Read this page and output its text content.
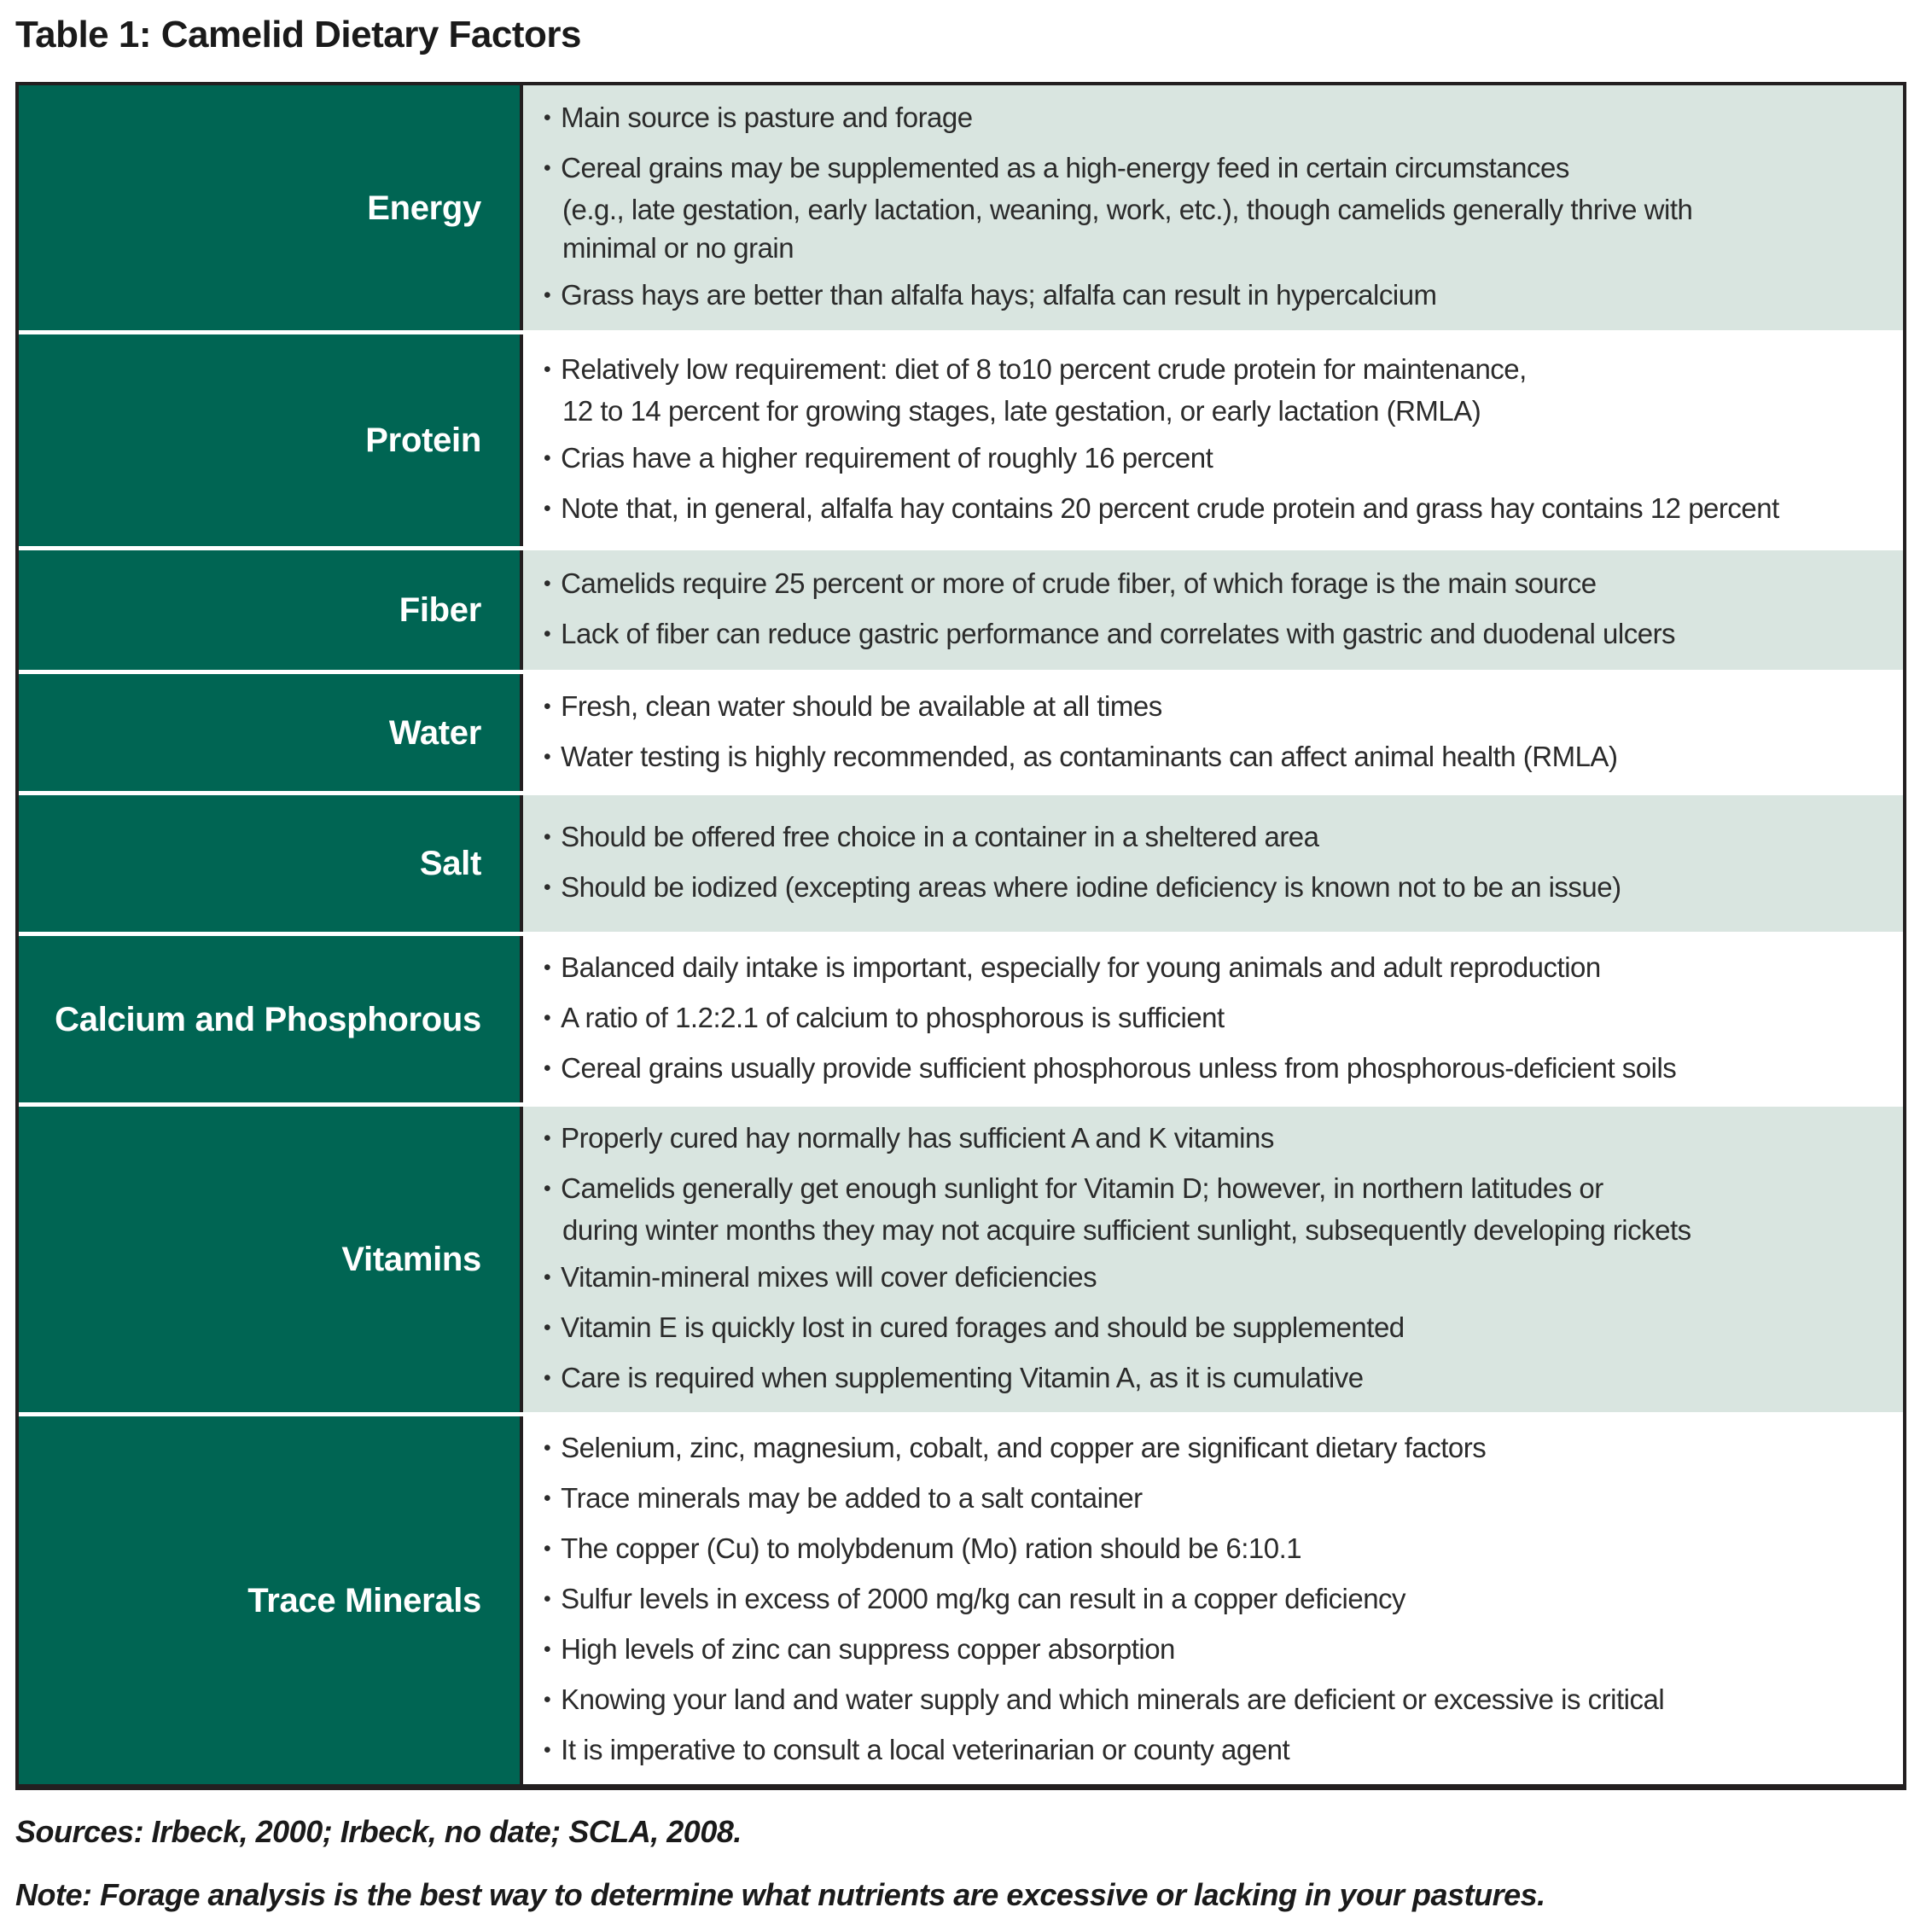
Table 1: Camelid Dietary Factors
Energy
• Main source is pasture and forage
• Cereal grains may be supplemented as a high-energy feed in certain circumstances
(e.g., late gestation, early lactation, weaning, work, etc.), though camelids generally thrive with
minimal or no grain
• Grass hays are better than alfalfa hays; alfalfa can result in hypercalcium
Protein
• Relatively low requirement: diet of 8 to10 percent crude protein for maintenance,
12 to 14 percent for growing stages, late gestation, or early lactation (RMLA)
• Crias have a higher requirement of roughly 16 percent
• Note that, in general, alfalfa hay contains 20 percent crude protein and grass hay contains 12 percent
Fiber
• Camelids require 25 percent or more of crude fiber, of which forage is the main source
• Lack of fiber can reduce gastric performance and correlates with gastric and duodenal ulcers
Water
• Fresh, clean water should be available at all times
• Water testing is highly recommended, as contaminants can affect animal health (RMLA)
Salt
• Should be offered free choice in a container in a sheltered area
• Should be iodized (excepting areas where iodine deficiency is known not to be an issue)
Calcium and Phosphorous
• Balanced daily intake is important, especially for young animals and adult reproduction
• A ratio of 1.2:2.1 of calcium to phosphorous is sufficient
• Cereal grains usually provide sufficient phosphorous unless from phosphorous-deficient soils
Vitamins
• Properly cured hay normally has sufficient A and K vitamins
• Camelids generally get enough sunlight for Vitamin D; however, in northern latitudes or
during winter months they may not acquire sufficient sunlight, subsequently developing rickets
• Vitamin-mineral mixes will cover deficiencies
• Vitamin E is quickly lost in cured forages and should be supplemented
• Care is required when supplementing Vitamin A, as it is cumulative
Trace Minerals
• Selenium, zinc, magnesium, cobalt, and copper are significant dietary factors
• Trace minerals may be added to a salt container
• The copper (Cu) to molybdenum (Mo) ration should be 6:10.1
• Sulfur levels in excess of 2000 mg/kg can result in a copper deficiency
• High levels of zinc can suppress copper absorption
• Knowing your land and water supply and which minerals are deficient or excessive is critical
• It is imperative to consult a local veterinarian or county agent
Sources: Irbeck, 2000; Irbeck, no date; SCLA, 2008.
Note: Forage analysis is the best way to determine what nutrients are excessive or lacking in your pastures.
